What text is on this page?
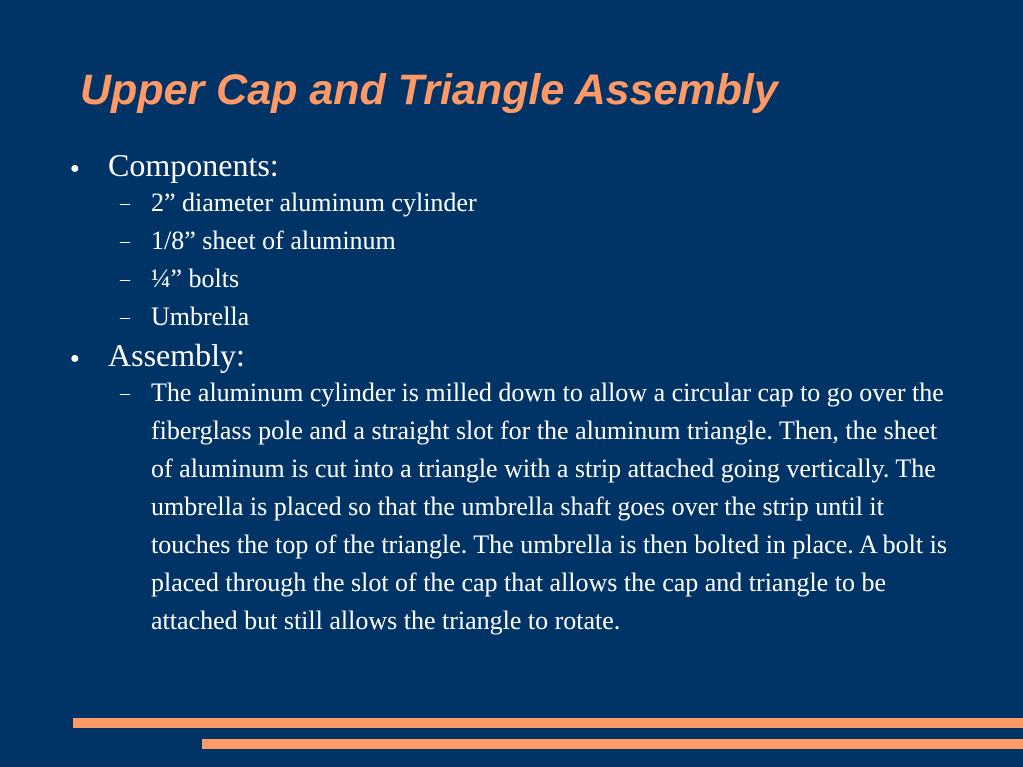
Upper Cap and Triangle Assembly
● Components:
– 2” diameter aluminum cylinder
– 1/8” sheet of aluminum
– ¼” bolts
– Umbrella
● Assembly:
– The aluminum cylinder is milled down to allow a circular cap to go over the fiberglass pole and a straight slot for the aluminum triangle. Then, the sheet of aluminum is cut into a triangle with a strip attached going vertically. The umbrella is placed so that the umbrella shaft goes over the strip until it touches the top of the triangle. The umbrella is then bolted in place. A bolt is placed through the slot of the cap that allows the cap and triangle to be attached but still allows the triangle to rotate.
